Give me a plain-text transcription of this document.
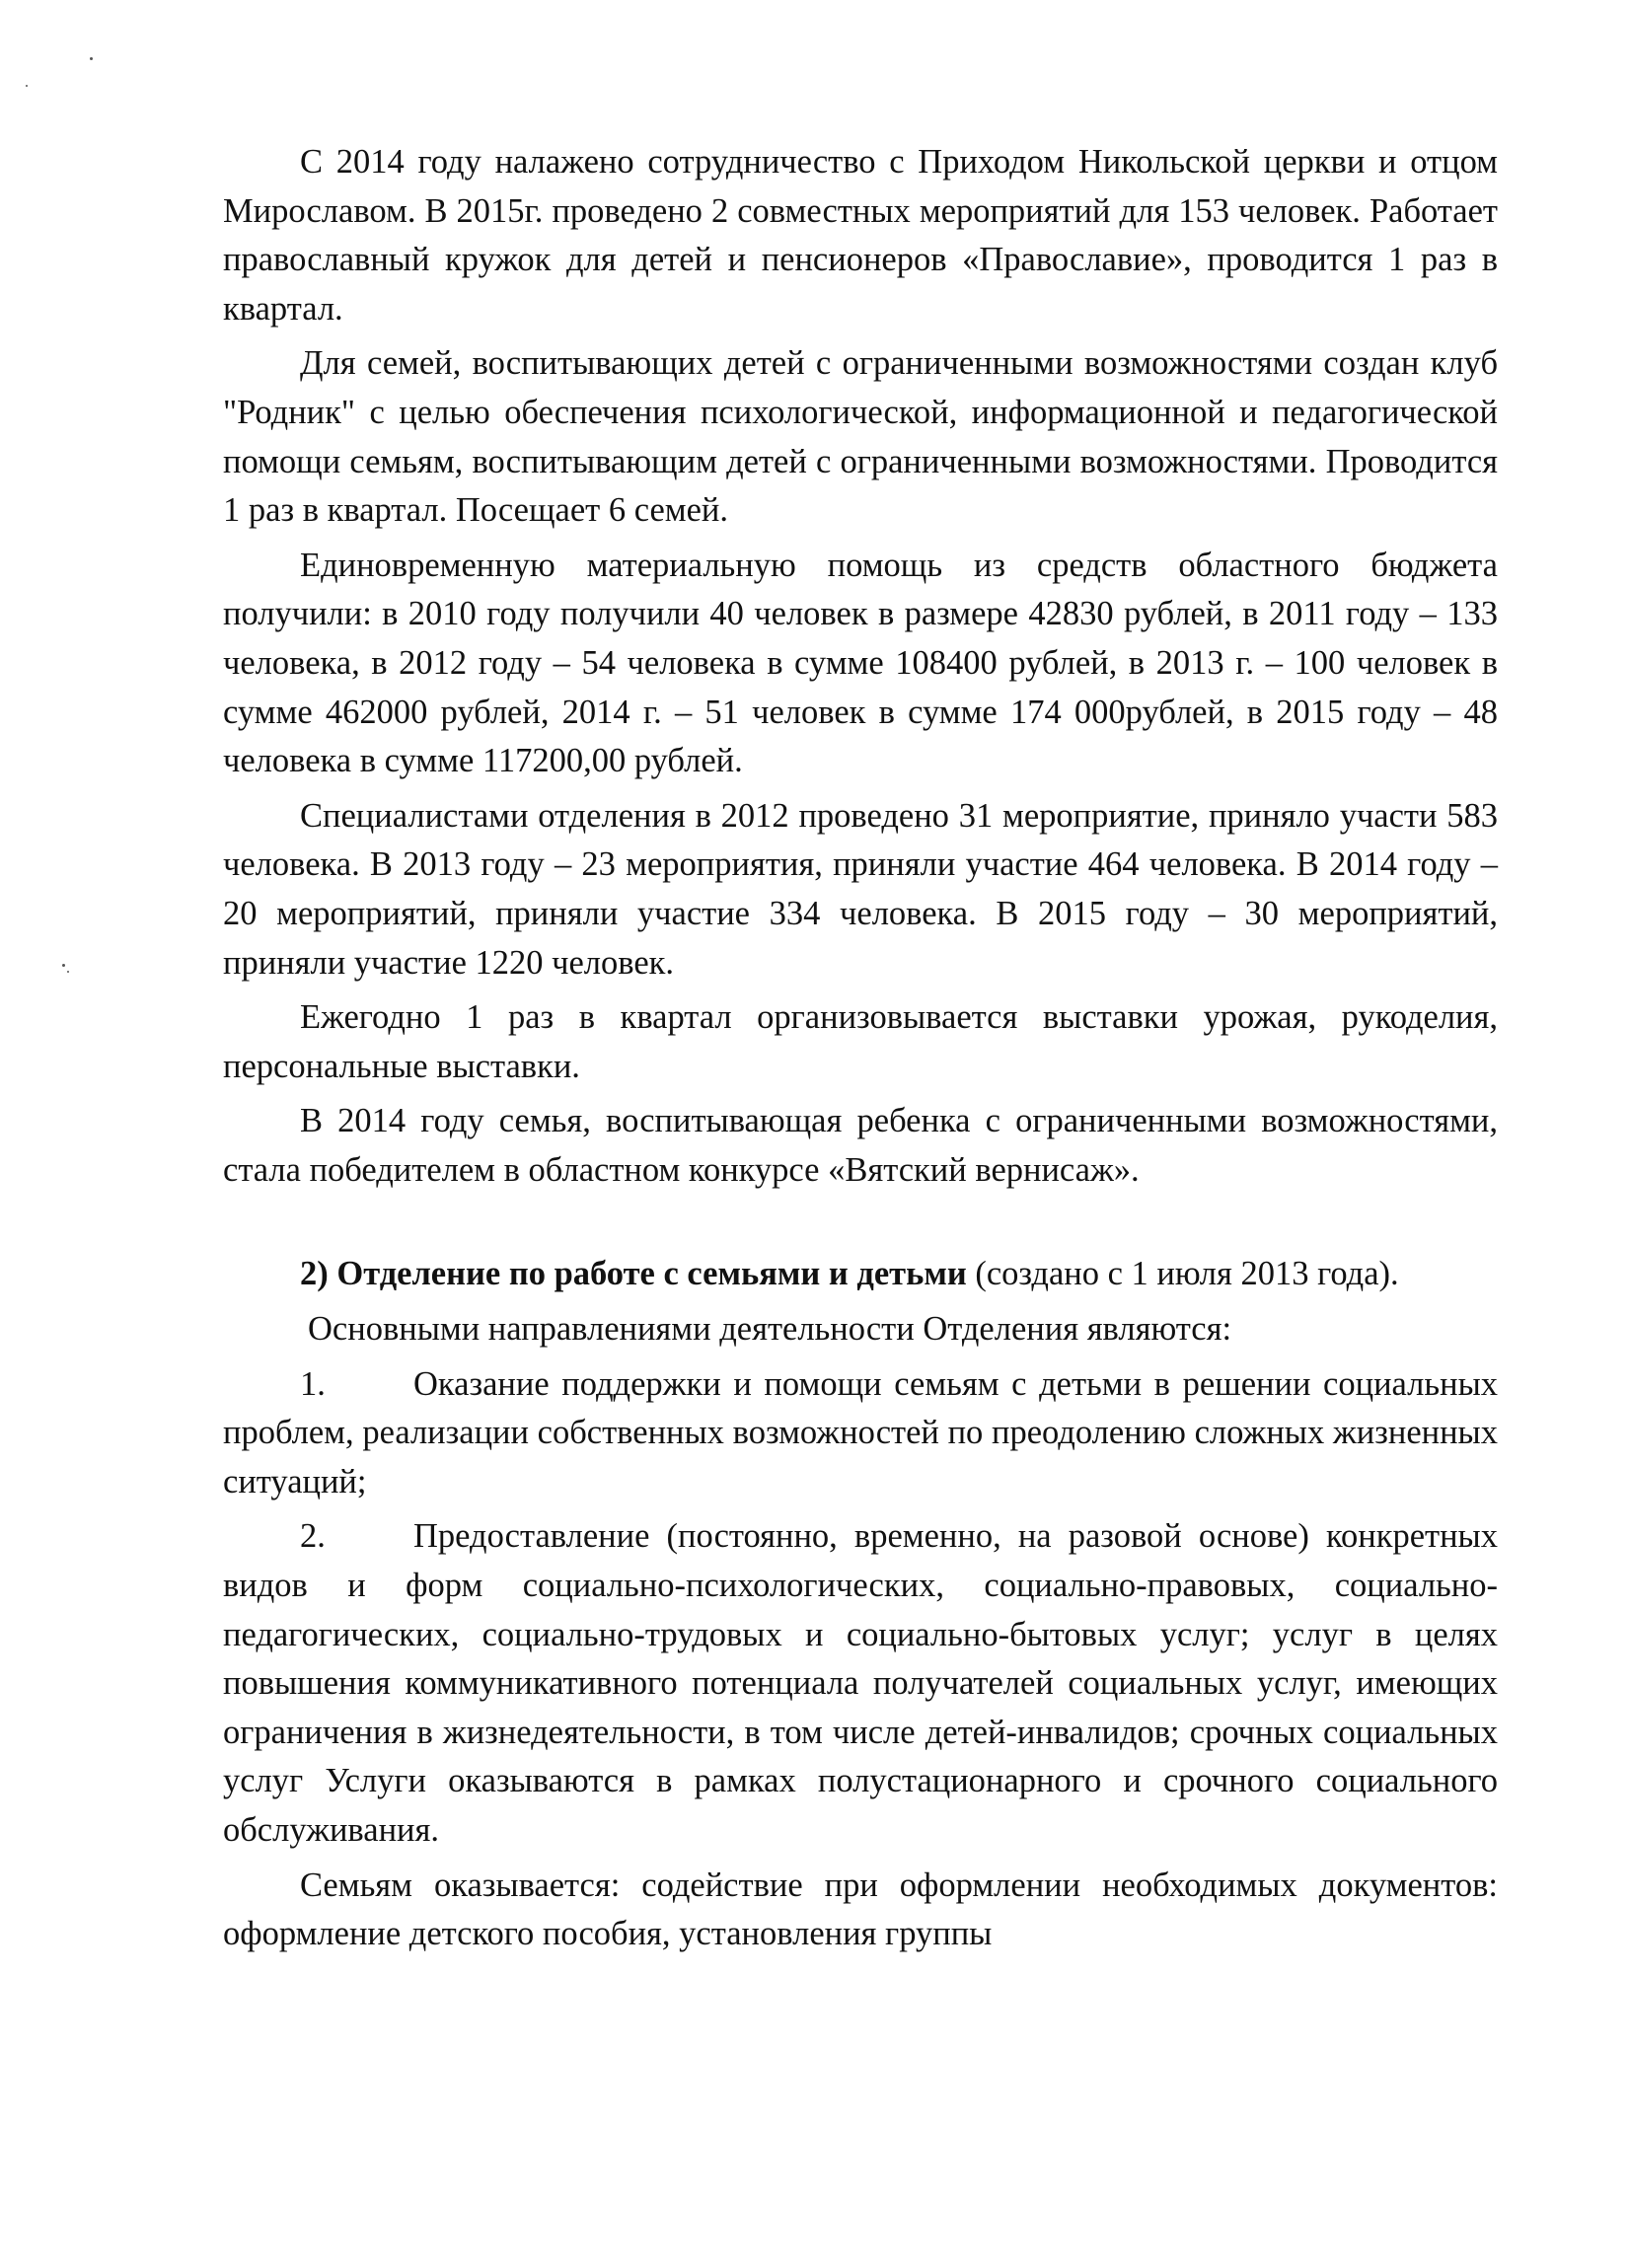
С 2014 году налажено сотрудничество с Приходом Никольской церкви и отцом Мирославом. В 2015г. проведено 2 совместных мероприятий для 153 человек. Работает православный кружок для детей и пенсионеров «Православие», проводится 1 раз в квартал.

Для семей, воспитывающих детей с ограниченными возможностями создан клуб "Родник" с целью обеспечения психологической, информационной и педагогической помощи семьям, воспитывающим детей с ограниченными возможностями. Проводится 1 раз в квартал. Посещает 6 семей.

Единовременную материальную помощь из средств областного бюджета получили: в 2010 году получили 40 человек в размере 42830 рублей, в 2011 году – 133 человека, в 2012 году – 54 человека в сумме 108400 рублей, в 2013 г. – 100 человек в сумме 462000 рублей, 2014 г. – 51 человек в сумме 174 000рублей, в 2015 году – 48 человека в сумме 117200,00 рублей.

Специалистами отделения в 2012 проведено 31 мероприятие, приняло участи 583 человека. В 2013 году – 23 мероприятия, приняли участие 464 человека. В 2014 году – 20 мероприятий, приняли участие 334 человека. В 2015 году – 30 мероприятий, приняли участие 1220 человек.

Ежегодно 1 раз в квартал организовывается выставки урожая, рукоделия, персональные выставки.

В 2014 году семья, воспитывающая ребенка с ограниченными возможностями, стала победителем в областном конкурсе «Вятский вернисаж».

2) Отделение по работе с семьями и детьми (создано с 1 июля 2013 года).

Основными направлениями деятельности Отделения являются:

1.	Оказание поддержки и помощи семьям с детьми в решении социальных проблем, реализации собственных возможностей по преодолению сложных жизненных ситуаций;

2.	Предоставление (постоянно, временно, на разовой основе) конкретных видов и форм социально-психологических, социально-правовых, социально-педагогических, социально-трудовых и социально-бытовых услуг; услуг в целях повышения коммуникативного потенциала получателей социальных услуг, имеющих ограничения в жизнедеятельности, в том числе детей-инвалидов; срочных социальных услуг Услуги оказываются в рамках полустационарного и срочного социального обслуживания.

Семьям оказывается: содействие при оформлении необходимых документов: оформление детского пособия, установления группы
